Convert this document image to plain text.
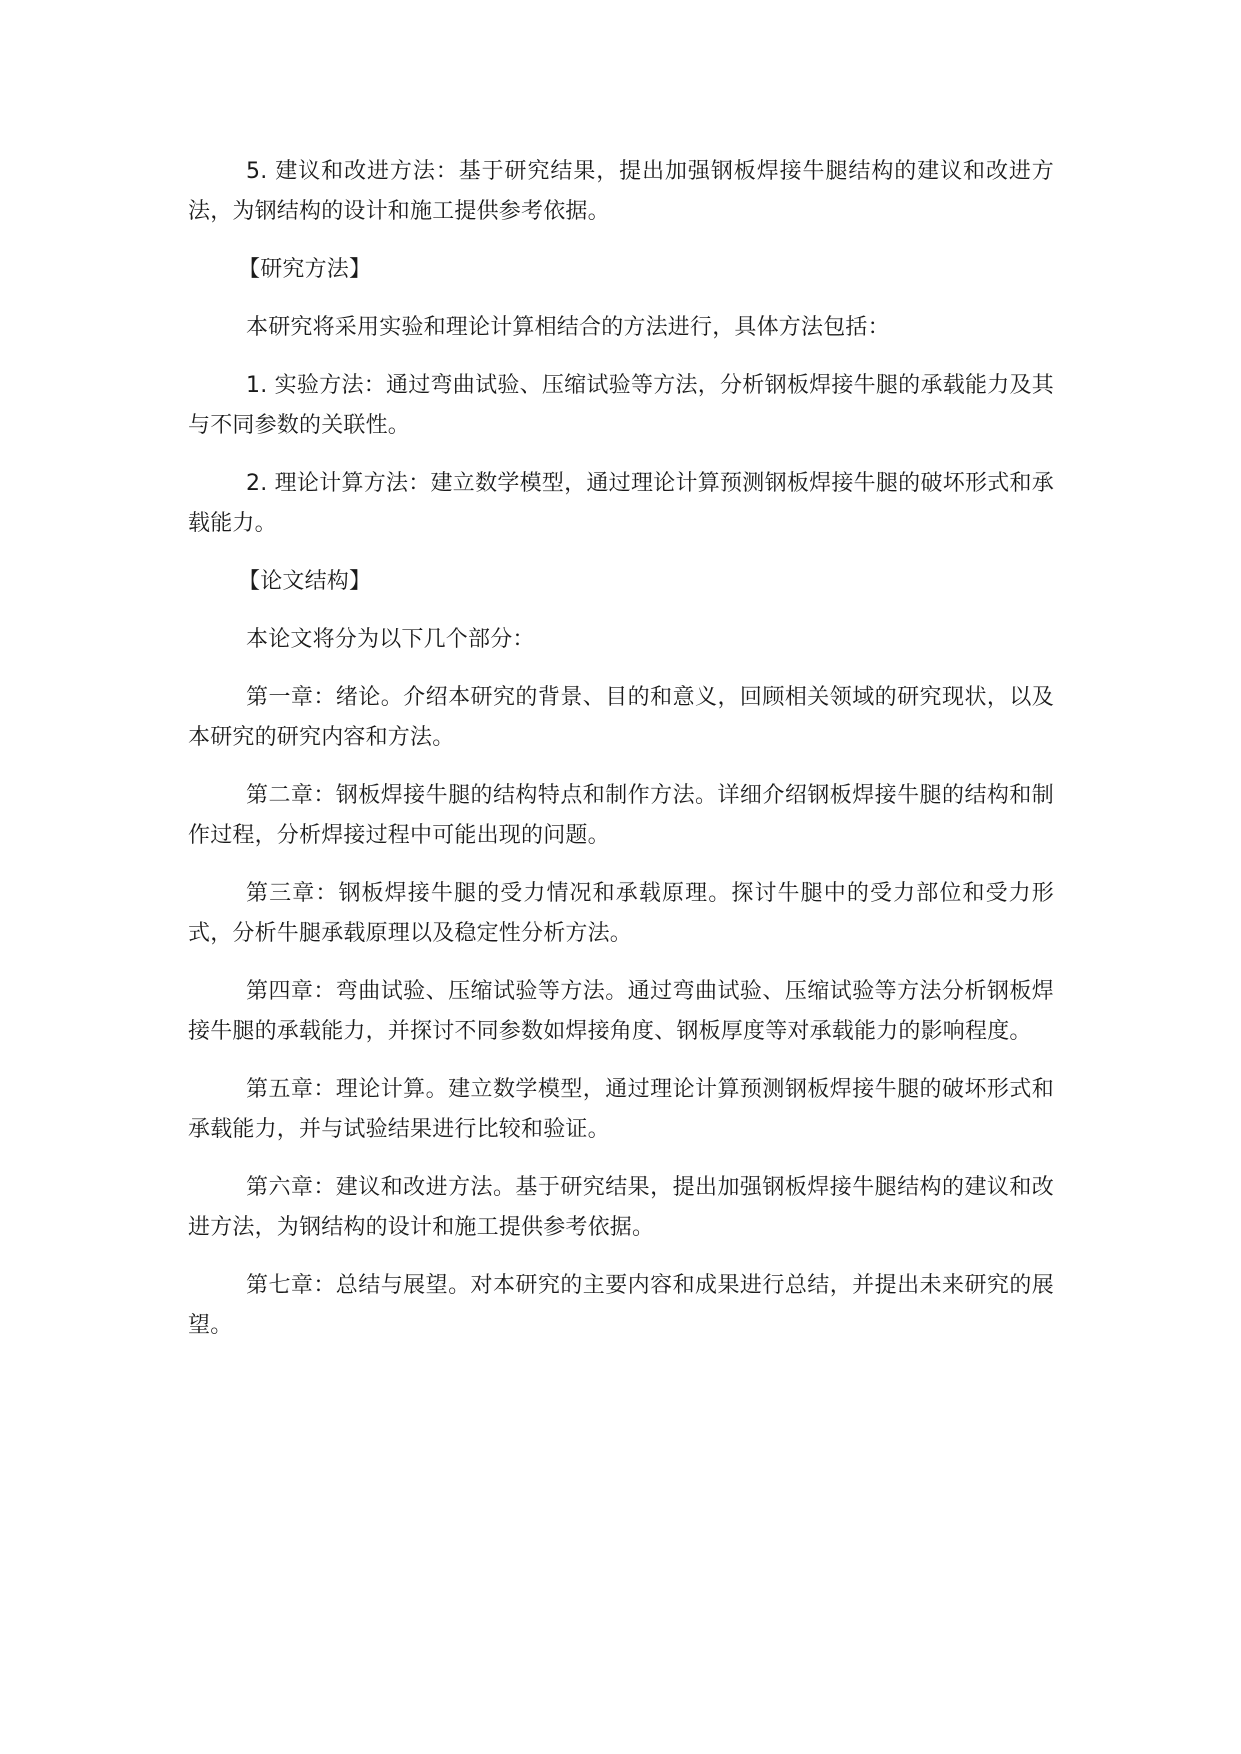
5. 建议和改进方法：基于研究结果，提出加强钢板焊接牛腿结构的建议和改进方法，为钢结构的设计和施工提供参考依据。

【研究方法】

本研究将采用实验和理论计算相结合的方法进行，具体方法包括：

1. 实验方法：通过弯曲试验、压缩试验等方法，分析钢板焊接牛腿的承载能力及其与不同参数的关联性。

2. 理论计算方法：建立数学模型，通过理论计算预测钢板焊接牛腿的破坏形式和承载能力。

【论文结构】

本论文将分为以下几个部分：

第一章：绪论。介绍本研究的背景、目的和意义，回顾相关领域的研究现状，以及本研究的研究内容和方法。

第二章：钢板焊接牛腿的结构特点和制作方法。详细介绍钢板焊接牛腿的结构和制作过程，分析焊接过程中可能出现的问题。

第三章：钢板焊接牛腿的受力情况和承载原理。探讨牛腿中的受力部位和受力形式，分析牛腿承载原理以及稳定性分析方法。

第四章：弯曲试验、压缩试验等方法。通过弯曲试验、压缩试验等方法分析钢板焊接牛腿的承载能力，并探讨不同参数如焊接角度、钢板厚度等对承载能力的影响程度。

第五章：理论计算。建立数学模型，通过理论计算预测钢板焊接牛腿的破坏形式和承载能力，并与试验结果进行比较和验证。

第六章：建议和改进方法。基于研究结果，提出加强钢板焊接牛腿结构的建议和改进方法，为钢结构的设计和施工提供参考依据。

第七章：总结与展望。对本研究的主要内容和成果进行总结，并提出未来研究的展望。
